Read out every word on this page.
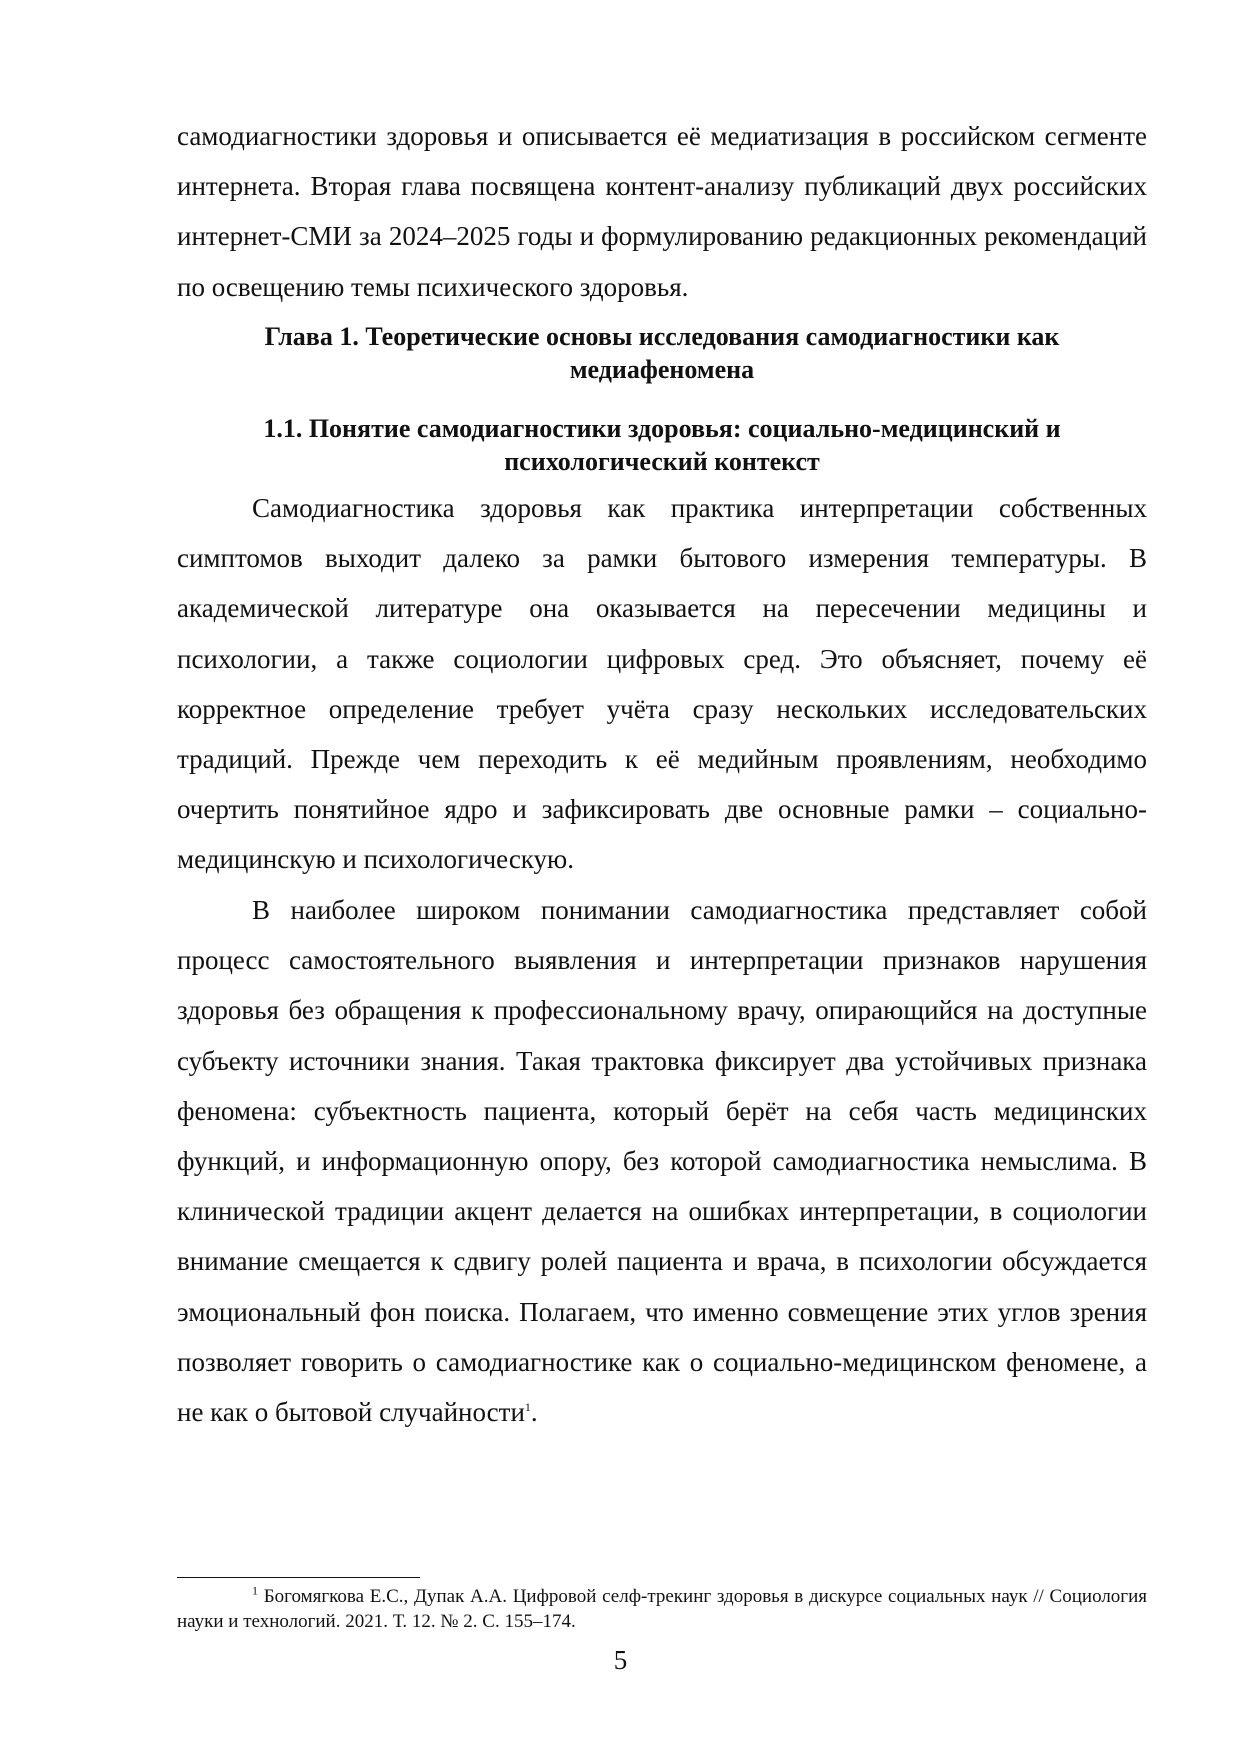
самодиагностики здоровья и описывается её медиатизация в российском сегменте интернета. Вторая глава посвящена контент-анализу публикаций двух российских интернет-СМИ за 2024–2025 годы и формулированию редакционных рекомендаций по освещению темы психического здоровья.

Глава 1. Теоретические основы исследования самодиагностики как медиафеномена
1.1. Понятие самодиагностики здоровья: социально-медицинский и психологический контекст

Самодиагностика здоровья как практика интерпретации собственных симптомов выходит далеко за рамки бытового измерения температуры. В академической литературе она оказывается на пересечении медицины и психологии, а также социологии цифровых сред. Это объясняет, почему её корректное определение требует учёта сразу нескольких исследовательских традиций. Прежде чем переходить к её медийным проявлениям, необходимо очертить понятийное ядро и зафиксировать две основные рамки – социально-медицинскую и психологическую.

В наиболее широком понимании самодиагностика представляет собой процесс самостоятельного выявления и интерпретации признаков нарушения здоровья без обращения к профессиональному врачу, опирающийся на доступные субъекту источники знания. Такая трактовка фиксирует два устойчивых признака феномена: субъектность пациента, который берёт на себя часть медицинских функций, и информационную опору, без которой самодиагностика немыслима. В клинической традиции акцент делается на ошибках интерпретации, в социологии внимание смещается к сдвигу ролей пациента и врача, в психологии обсуждается эмоциональный фон поиска. Полагаем, что именно совмещение этих углов зрения позволяет говорить о самодиагностике как о социально-медицинском феномене, а не как о бытовой случайности$^1$.

$^1$ Богомягкова Е.С., Дупак А.А. Цифровой селф-трекинг здоровья в дискурсе социальных наук // Социология науки и технологий. 2021. Т. 12. № 2. С. 155–174.

5
